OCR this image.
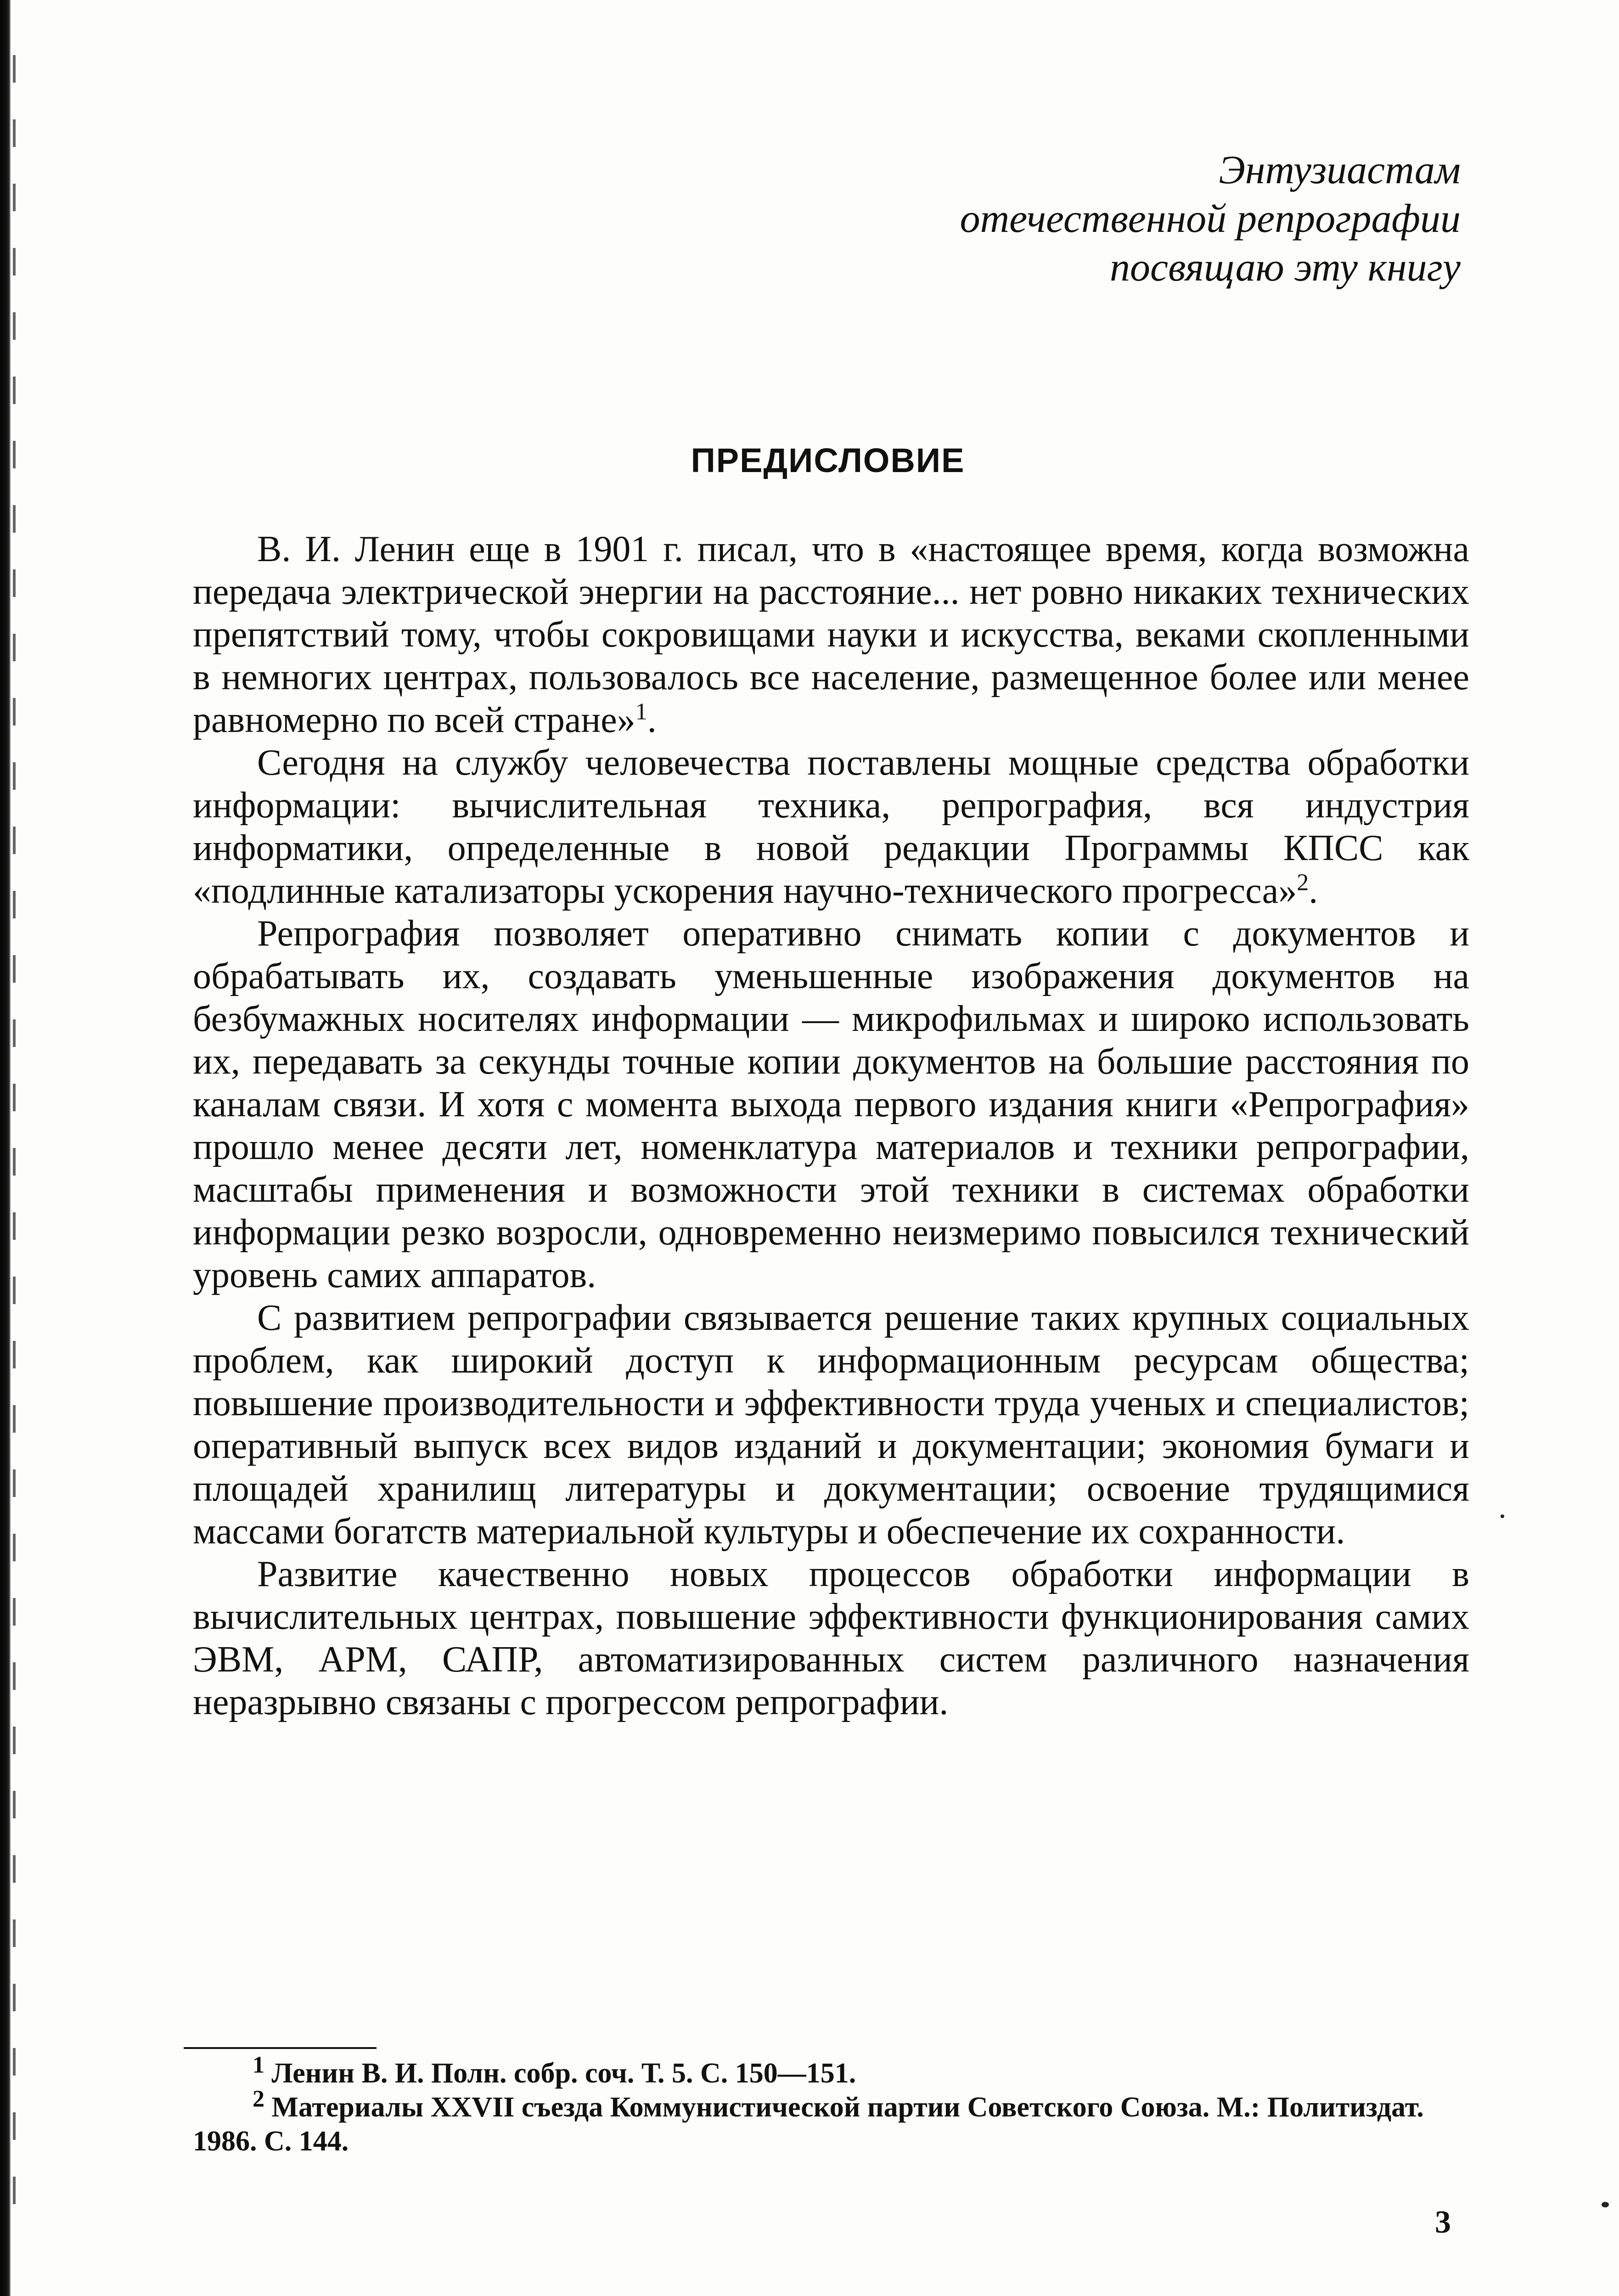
Энтузиастам
отечественной репрографии
посвящаю эту книгу
ПРЕДИСЛОВИЕ

В. И. Ленин еще в 1901 г. писал, что в «настоящее время, когда возможна передача электрической энергии на расстояние... нет ровно никаких технических препятствий тому, чтобы сокровищами науки и искусства, веками скопленными в немногих центрах, пользовалось все население, размещенное более или менее равномерно по всей стране»$^1$.

Сегодня на службу человечества поставлены мощные средства обработки информации: вычислительная техника, репрография, вся индустрия информатики, определенные в новой редакции Программы КПСС как «подлинные катализаторы ускорения научно-технического прогресса»$^2$.

Репрография позволяет оперативно снимать копии с документов и обрабатывать их, создавать уменьшенные изображения документов на безбумажных носителях информации — микрофильмах и широко использовать их, передавать за секунды точные копии документов на большие расстояния по каналам связи. И хотя с момента выхода первого издания книги «Репрография» прошло менее десяти лет, номенклатура материалов и техники репрографии, масштабы применения и возможности этой техники в системах обработки информации резко возросли, одновременно неизмеримо повысился технический уровень самих аппаратов.

С развитием репрографии связывается решение таких крупных социальных проблем, как широкий доступ к информационным ресурсам общества; повышение производительности и эффективности труда ученых и специалистов; оперативный выпуск всех видов изданий и документации; экономия бумаги и площадей хранилищ литературы и документации; освоение трудящимися массами богатств материальной культуры и обеспечение их сохранности.

Развитие качественно новых процессов обработки информации в вычислительных центрах, повышение эффективности функционирования самих ЭВМ, АРМ, САПР, автоматизированных систем различного назначения неразрывно связаны с прогрессом репрографии.

$^1$ Ленин В. И. Полн. собр. соч. Т. 5. С. 150—151.

$^2$ Материалы XXVII съезда Коммунистической партии Советского Союза. М.: Политиздат. 1986. С. 144.

3
